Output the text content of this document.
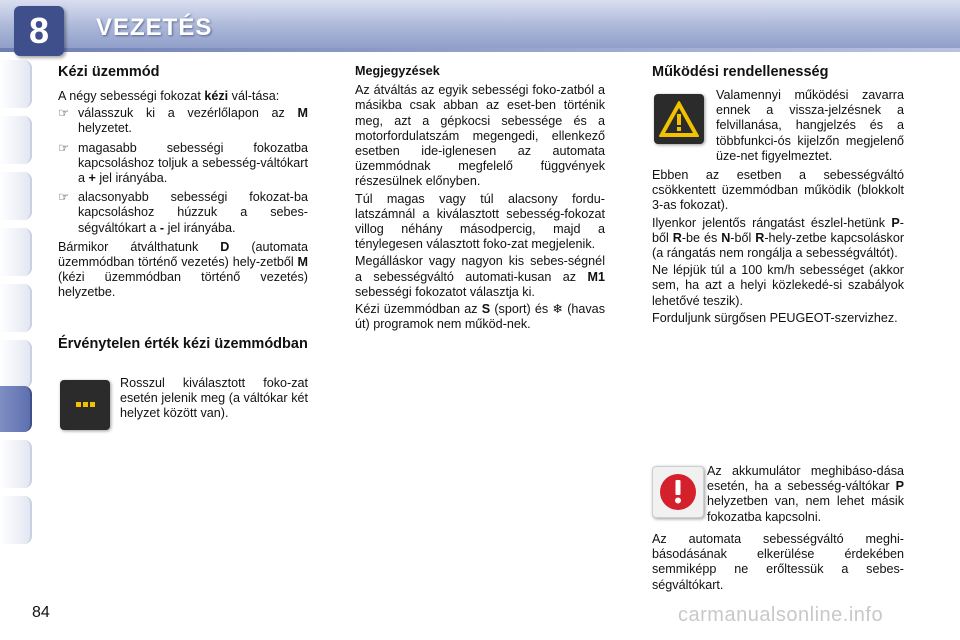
8	VEZETÉS
Kézi üzemmód

A négy sebességi fokozat kézi vál-tása:

☞ válasszuk ki a vezérlőlapon az M helyzetet.
☞ magasabb sebességi fokozatba kapcsoláshoz toljuk a sebesség-váltókart a + jel irányába.
☞ alacsonyabb sebességi fokozat-ba kapcsoláshoz húzzuk a sebes-ségváltókart a - jel irányába.

Bármikor átválthatunk D (automata üzemmódban történő vezetés) hely-zetből M (kézi üzemmódban történő vezetés) helyzetbe.

Érvénytelen érték kézi üzemmódban

Rosszul kiválasztott foko-zat esetén jelenik meg (a váltókar két helyzet között van).

Megjegyzések

Az átváltás az egyik sebességi foko-zatból a másikba csak abban az eset-ben történik meg, azt a gépkocsi sebessége és a motorfordulatszám megengedi, ellenkező esetben ide-iglenesen az automata üzemmódnak megfelelő függvények részesülnek előnyben.

Túl magas vagy túl alacsony fordu-latszámnál a kiválasztott sebesség-fokozat villog néhány másodpercig, majd a ténylegesen választott foko-zat megjelenik.

Megálláskor vagy nagyon kis sebes-ségnél a sebességváltó automati-kusan az M1 sebességi fokozatot választja ki.

Kézi üzemmódban az S (sport) és ❄ (havas út) programok nem működ-nek.

Működési rendellenesség

Valamennyi működési zavarra ennek a vissza-jelzésnek a felvillanása, hangjelzés és a többfunkci-ós kijelzőn megjelenő üze-net figyelmeztet.

Ebben az esetben a sebességváltó csökkentett üzemmódban működik (blokkolt 3-as fokozat).

Ilyenkor jelentős rángatást észlel-hetünk P-ből R-be és N-ből R-hely-zetbe kapcsoláskor (a rángatás nem rongálja a sebességváltót).

Ne lépjük túl a 100 km/h sebességet (akkor sem, ha azt a helyi közlekedé-si szabályok lehetővé teszik).

Forduljunk sürgősen PEUGEOT-szervizhez.

Az akkumulátor meghibáso-dása esetén, ha a sebesség-váltókar P helyzetben van, nem lehet másik fokozatba kapcsolni.

Az automata sebességváltó meghi-básodásának elkerülése érdekében semmiképp ne erőltessük a sebes-ségváltókart.

84	carmanualsonline.info
